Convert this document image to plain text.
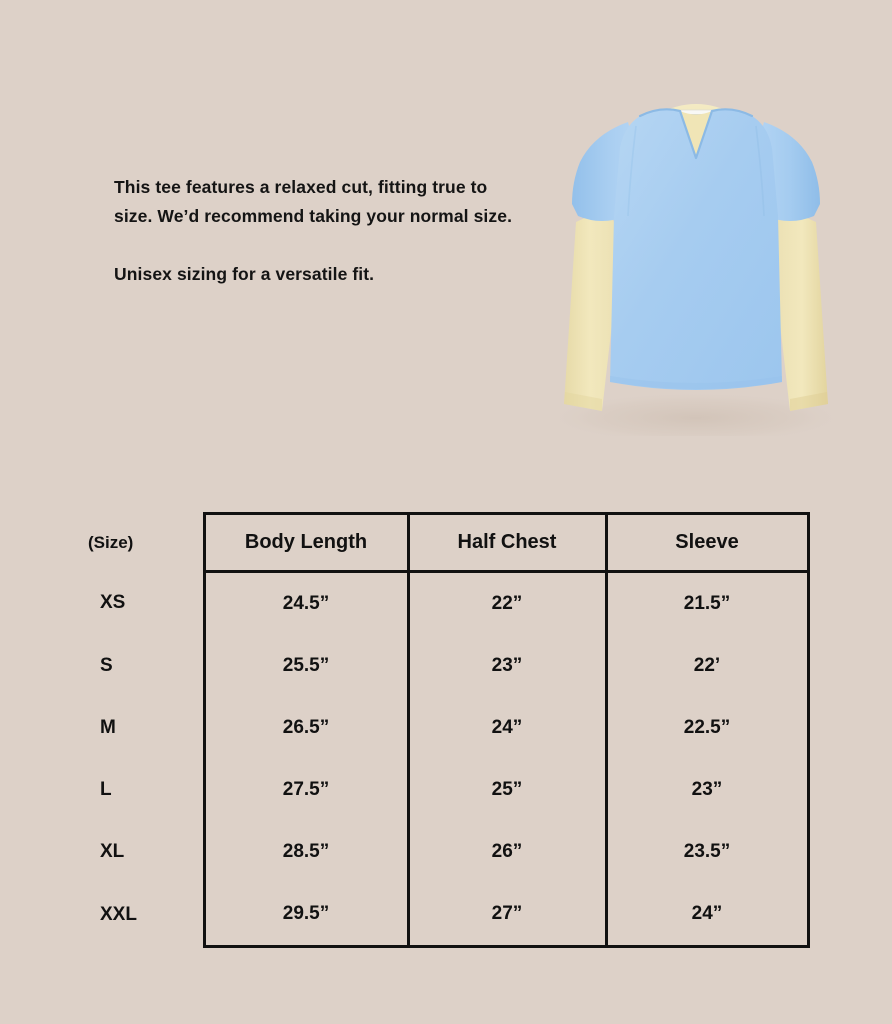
This tee features a relaxed cut, fitting true to size. We’d recommend taking your normal size.

Unisex sizing for a versatile fit.

(Size)	Body Length	Half Chest	Sleeve
XS	24.5”	22”	21.5”
S	25.5”	23”	22’
M	26.5”	24”	22.5”
L	27.5”	25”	23”
XL	28.5”	26”	23.5”
XXL	29.5”	27”	24”
